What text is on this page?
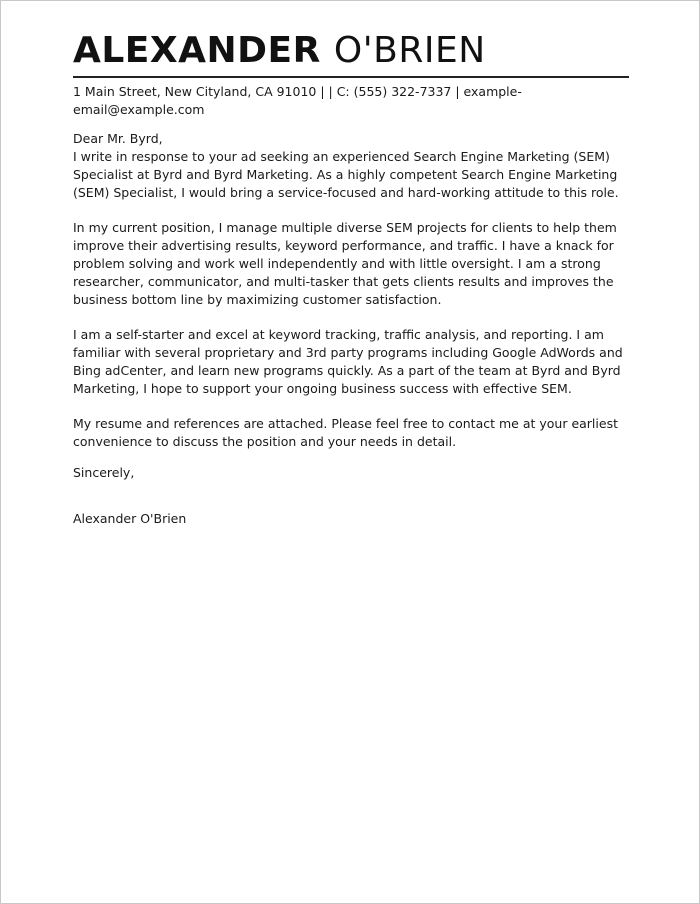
ALEXANDER O'BRIEN
1 Main Street, New Cityland, CA 91010 | | C: (555) 322-7337 | example-email@example.com
Dear Mr. Byrd,
I write in response to your ad seeking an experienced Search Engine Marketing (SEM) Specialist at Byrd and Byrd Marketing. As a highly competent Search Engine Marketing (SEM) Specialist, I would bring a service-focused and hard-working attitude to this role.
In my current position, I manage multiple diverse SEM projects for clients to help them improve their advertising results, keyword performance, and traffic. I have a knack for problem solving and work well independently and with little oversight. I am a strong researcher, communicator, and multi-tasker that gets clients results and improves the business bottom line by maximizing customer satisfaction.
I am a self-starter and excel at keyword tracking, traffic analysis, and reporting. I am familiar with several proprietary and 3rd party programs including Google AdWords and Bing adCenter, and learn new programs quickly. As a part of the team at Byrd and Byrd Marketing, I hope to support your ongoing business success with effective SEM.
My resume and references are attached. Please feel free to contact me at your earliest convenience to discuss the position and your needs in detail.
Sincerely,
Alexander O'Brien
